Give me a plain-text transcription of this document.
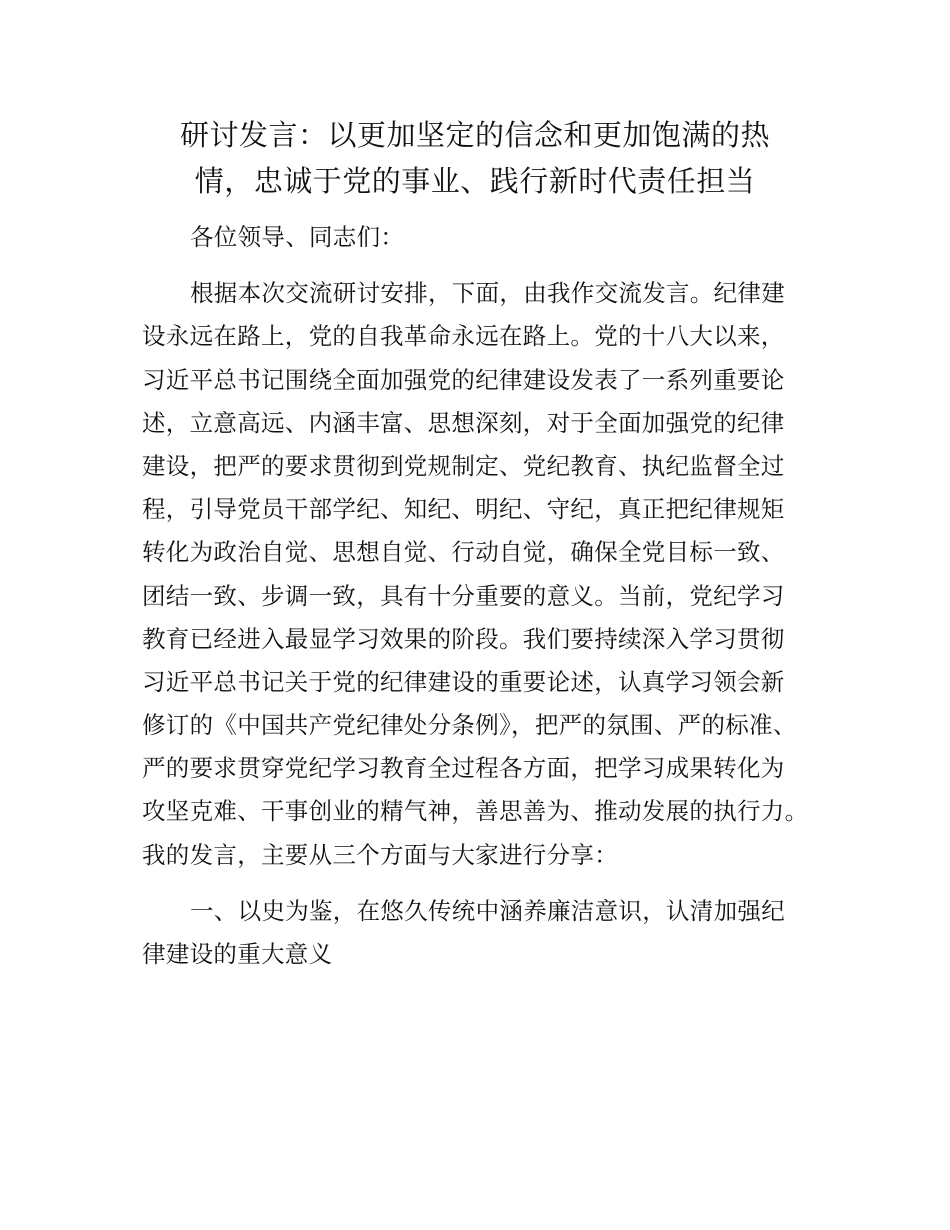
研讨发言：以更加坚定的信念和更加饱满的热
情，忠诚于党的事业、践行新时代责任担当

各位领导、同志们：

根据本次交流研讨安排，下面，由我作交流发言。纪律建
设永远在路上，党的自我革命永远在路上。党的十八大以来，
习近平总书记围绕全面加强党的纪律建设发表了一系列重要论
述，立意高远、内涵丰富、思想深刻，对于全面加强党的纪律
建设，把严的要求贯彻到党规制定、党纪教育、执纪监督全过
程，引导党员干部学纪、知纪、明纪、守纪，真正把纪律规矩
转化为政治自觉、思想自觉、行动自觉，确保全党目标一致、
团结一致、步调一致，具有十分重要的意义。当前，党纪学习
教育已经进入最显学习效果的阶段。我们要持续深入学习贯彻
习近平总书记关于党的纪律建设的重要论述，认真学习领会新
修订的《中国共产党纪律处分条例》，把严的氛围、严的标准、
严的要求贯穿党纪学习教育全过程各方面，把学习成果转化为
攻坚克难、干事创业的精气神，善思善为、推动发展的执行力。
我的发言，主要从三个方面与大家进行分享：

一、以史为鉴，在悠久传统中涵养廉洁意识，认清加强纪
律建设的重大意义
